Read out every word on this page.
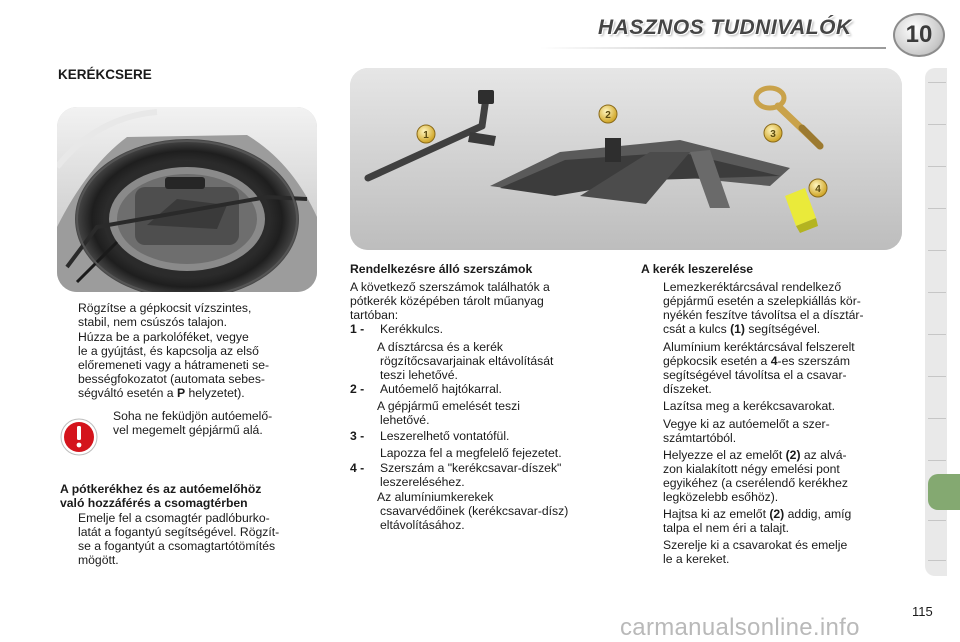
HASZNOS TUDNIVALÓK	10
KERÉKCSERE
1
2
3
4
Rögzítse a gépkocsit vízszintes,
stabil, nem csúszós talajon.
Húzza be a parkolóféket, vegye
le a gyújtást, és kapcsolja az első
előremeneti vagy a hátrameneti se-
bességfokozatot (automata sebes-
ségváltó esetén a P helyzetet).
Soha ne feküdjön autóemelő-
vel megemelt gépjármű alá.
A pótkerékhez és az autóemelőhöz
való hozzáférés a csomagtérben
Emelje fel a csomagtér padlóburko-
latát a fogantyú segítségével. Rögzít-
se a fogantyút a csomagtartótömítés
mögött.
Rendelkezésre álló szerszámok
A következő szerszámok találhatók a
pótkerék középében tárolt műanyag
tartóban:
1 - Kerékkulcs.
A dísztárcsa és a kerék
rögzítőcsavarjainak eltávolítását
teszi lehetővé.
2 - Autóemelő hajtókarral.
A gépjármű emelését teszi
lehetővé.
3 - Leszerelhető vontatófül.
Lapozza fel a megfelelő fejezetet.
4 - Szerszám a "kerékcsavar-díszek"
leszereléséhez.
Az alumíniumkerekek
csavarvédőinek (kerékcsavar-dísz)
eltávolításához.
A kerék leszerelése
Lemezkeréktárcsával rendelkező
gépjármű esetén a szelepkiállás kör-
nyékén feszítve távolítsa el a dísztár-
csát a kulcs (1) segítségével.
Alumínium keréktárcsával felszerelt
gépkocsik esetén a 4-es szerszám
segítségével távolítsa el a csavar-
díszeket.
Lazítsa meg a kerékcsavarokat.
Vegye ki az autóemelőt a szer-
számtartóból.
Helyezze el az emelőt (2) az alvá-
zon kialakított négy emelési pont
egyikéhez (a cserélendő kerékhez
legközelebb esőhöz).
Hajtsa ki az emelőt (2) addig, amíg
talpa el nem éri a talajt.
Szerelje ki a csavarokat és emelje
le a kereket.
115
carmanualsonline.info
